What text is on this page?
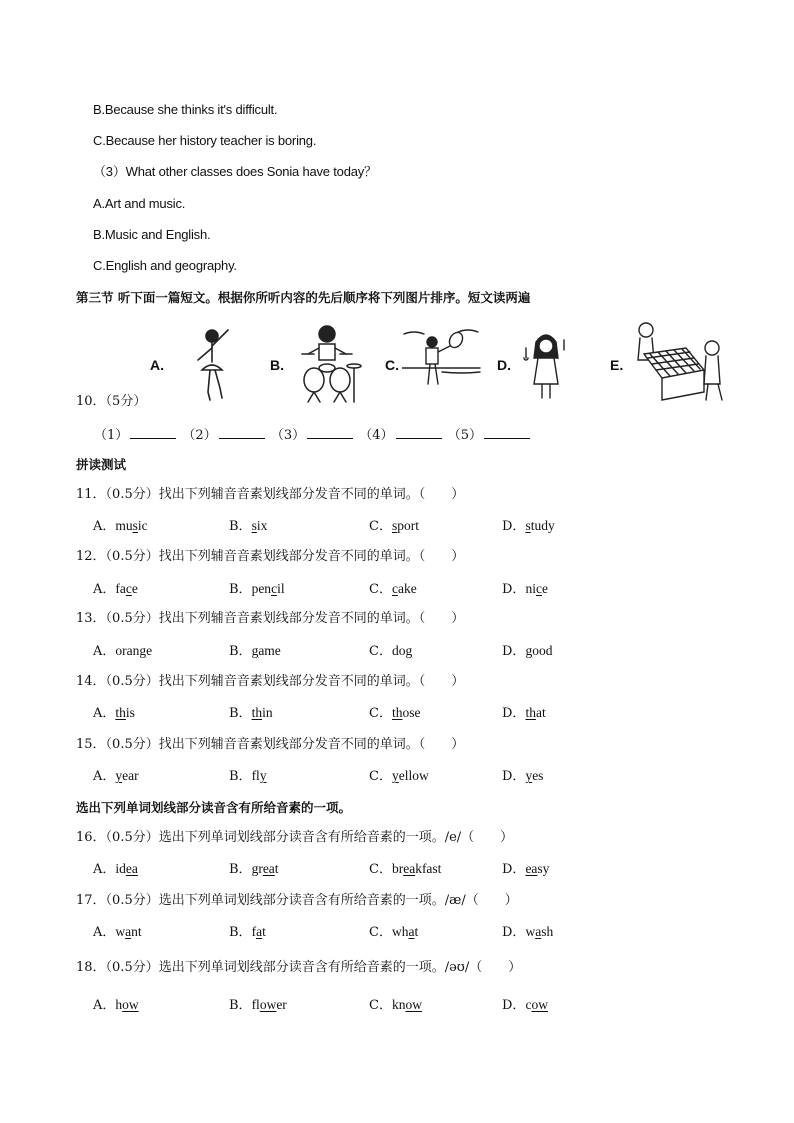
B.Because she thinks it's difficult.
C.Because her history teacher is boring.
（3）What other classes does Sonia have today？
A.Art and music.
B.Music and English.
C.English and geography.
第三节 听下面一篇短文。根据你所听内容的先后顺序将下列图片排序。短文读两遍
A.	B.	C.	D.	E.
10．（5分）
（1）	（2）	（3）	（4）	（5）
拼读测试
11．（0.5分）找出下列辅音音素划线部分发音不同的单词。（　　）
A．music	B．six	C．sport	D．study
12．（0.5分）找出下列辅音音素划线部分发音不同的单词。（　　）
A．face	B．pencil	C．cake	D．nice
13．（0.5分）找出下列辅音音素划线部分发音不同的单词。（　　）
A．orange	B．game	C．dog	D．good
14．（0.5分）找出下列辅音音素划线部分发音不同的单词。（　　）
A．this	B．thin	C．those	D．that
15．（0.5分）找出下列辅音音素划线部分发音不同的单词。（　　）
A．year	B．fly	C．yellow	D．yes
选出下列单词划线部分读音含有所给音素的一项。
16．（0.5分）选出下列单词划线部分读音含有所给音素的一项。/e/（　　）
A．idea	B．great	C．breakfast	D．easy
17．（0.5分）选出下列单词划线部分读音含有所给音素的一项。/æ/（　　）
A．want	B．fat	C．what	D．wash
18．（0.5分）选出下列单词划线部分读音含有所给音素的一项。/əʊ/（　　）
A．how	B．flower	C．know	D．cow
